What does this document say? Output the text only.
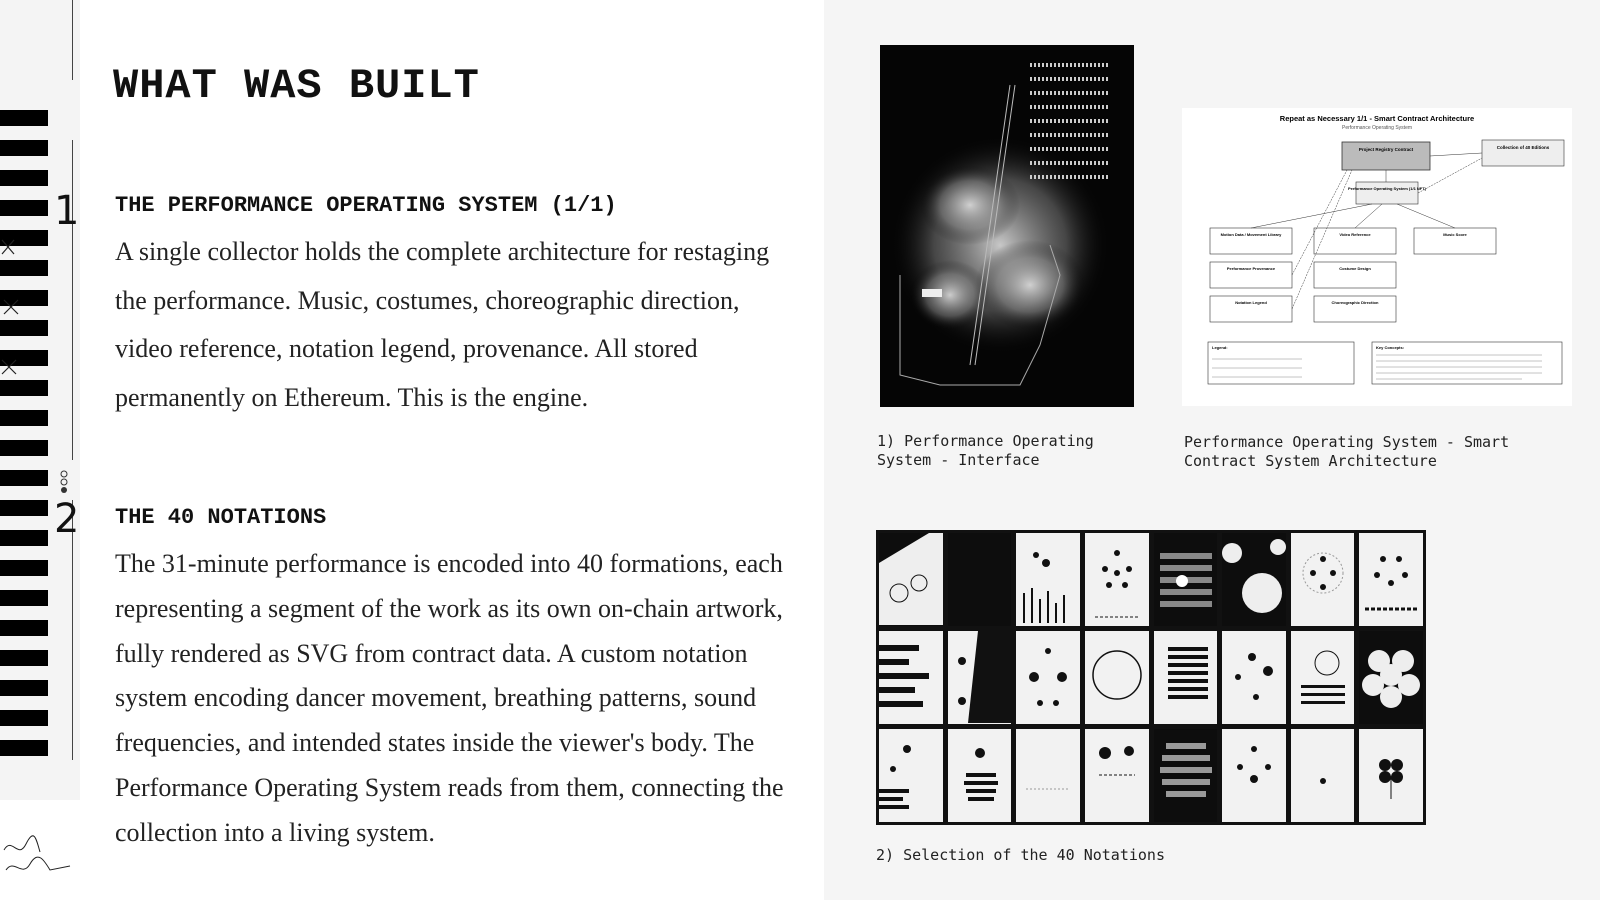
1
2
WHAT WAS BUILT
THE PERFORMANCE OPERATING SYSTEM (1/1)

A single collector holds the complete architecture for restaging the performance. Music, costumes, choreographic direction, video reference, notation legend, provenance. All stored permanently on Ethereum. This is the engine.

THE 40 NOTATIONS

The 31-minute performance is encoded into 40 formations, each representing a segment of the work as its own on-chain artwork, fully rendered as SVG from contract data. A custom notation system encoding dancer movement, breathing patterns, sound frequencies, and intended states inside the viewer's body. The Performance Operating System reads from them, connecting the collection into a living system.

1) Performance Operating System - Interface

Repeat as Necessary 1/1 - Smart Contract Architecture
Performance Operating System
Project Registry Contract	Collection of 40 Editions
Performance Operating System (1/1 NFT)
Motion Data / Movement Library	Video Reference	Music Score
Performance Provenance	Costume Design
Notation Legend	Choreographic Direction
Legend:	Key Concepts:

Performance Operating System - Smart Contract System Architecture

2) Selection of the 40 Notations
